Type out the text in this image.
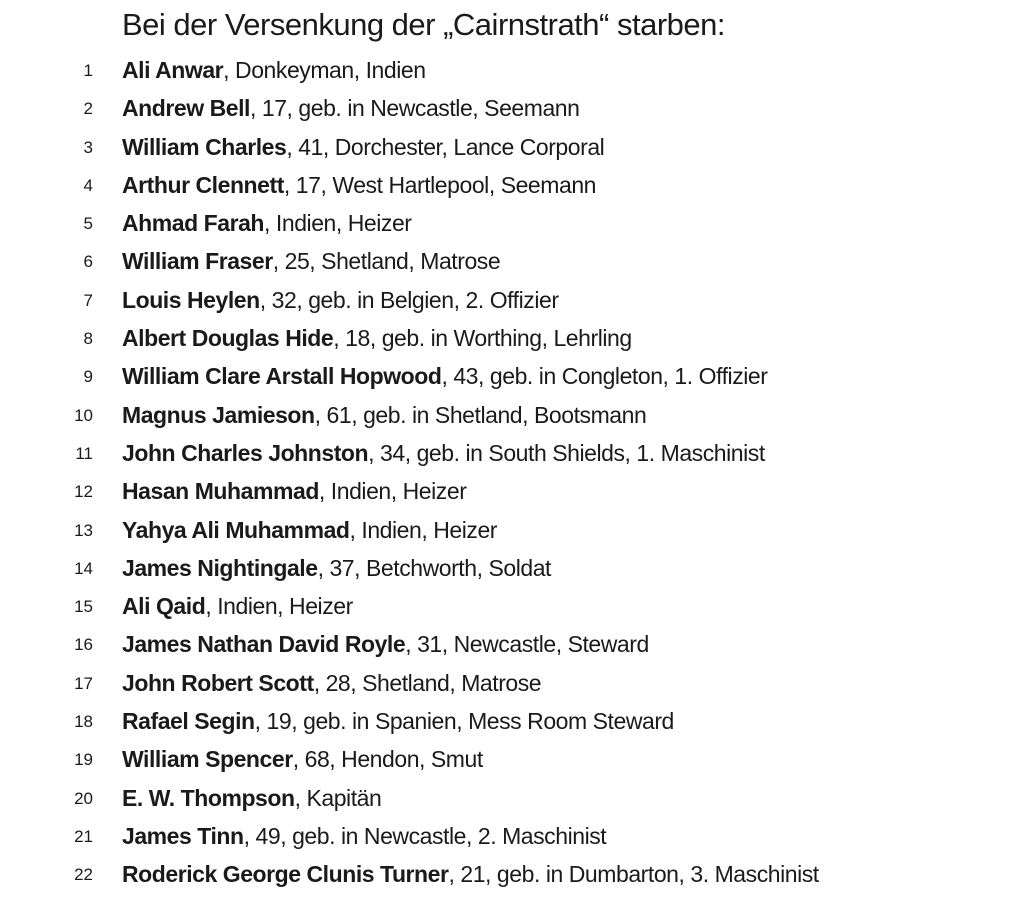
Bei der Versenkung der „Cairnstrath“ starben:
1 Ali Anwar, Donkeyman, Indien
2 Andrew Bell, 17, geb. in Newcastle, Seemann
3 William Charles, 41, Dorchester, Lance Corporal
4 Arthur Clennett, 17, West Hartlepool, Seemann
5 Ahmad Farah, Indien, Heizer
6 William Fraser, 25, Shetland, Matrose
7 Louis Heylen, 32, geb. in Belgien, 2. Offizier
8 Albert Douglas Hide, 18, geb. in Worthing, Lehrling
9 William Clare Arstall Hopwood, 43, geb. in Congleton, 1. Offizier
10 Magnus Jamieson, 61, geb. in Shetland, Bootsmann
11 John Charles Johnston, 34, geb. in South Shields, 1. Maschinist
12 Hasan Muhammad, Indien, Heizer
13 Yahya Ali Muhammad, Indien, Heizer
14 James Nightingale, 37, Betchworth, Soldat
15 Ali Qaid, Indien, Heizer
16 James Nathan David Royle, 31, Newcastle, Steward
17 John Robert Scott, 28, Shetland, Matrose
18 Rafael Segin, 19, geb. in Spanien, Mess Room Steward
19 William Spencer, 68, Hendon, Smut
20 E. W. Thompson, Kapitän
21 James Tinn, 49, geb. in Newcastle, 2. Maschinist
22 Roderick George Clunis Turner, 21, geb. in Dumbarton, 3. Maschinist
